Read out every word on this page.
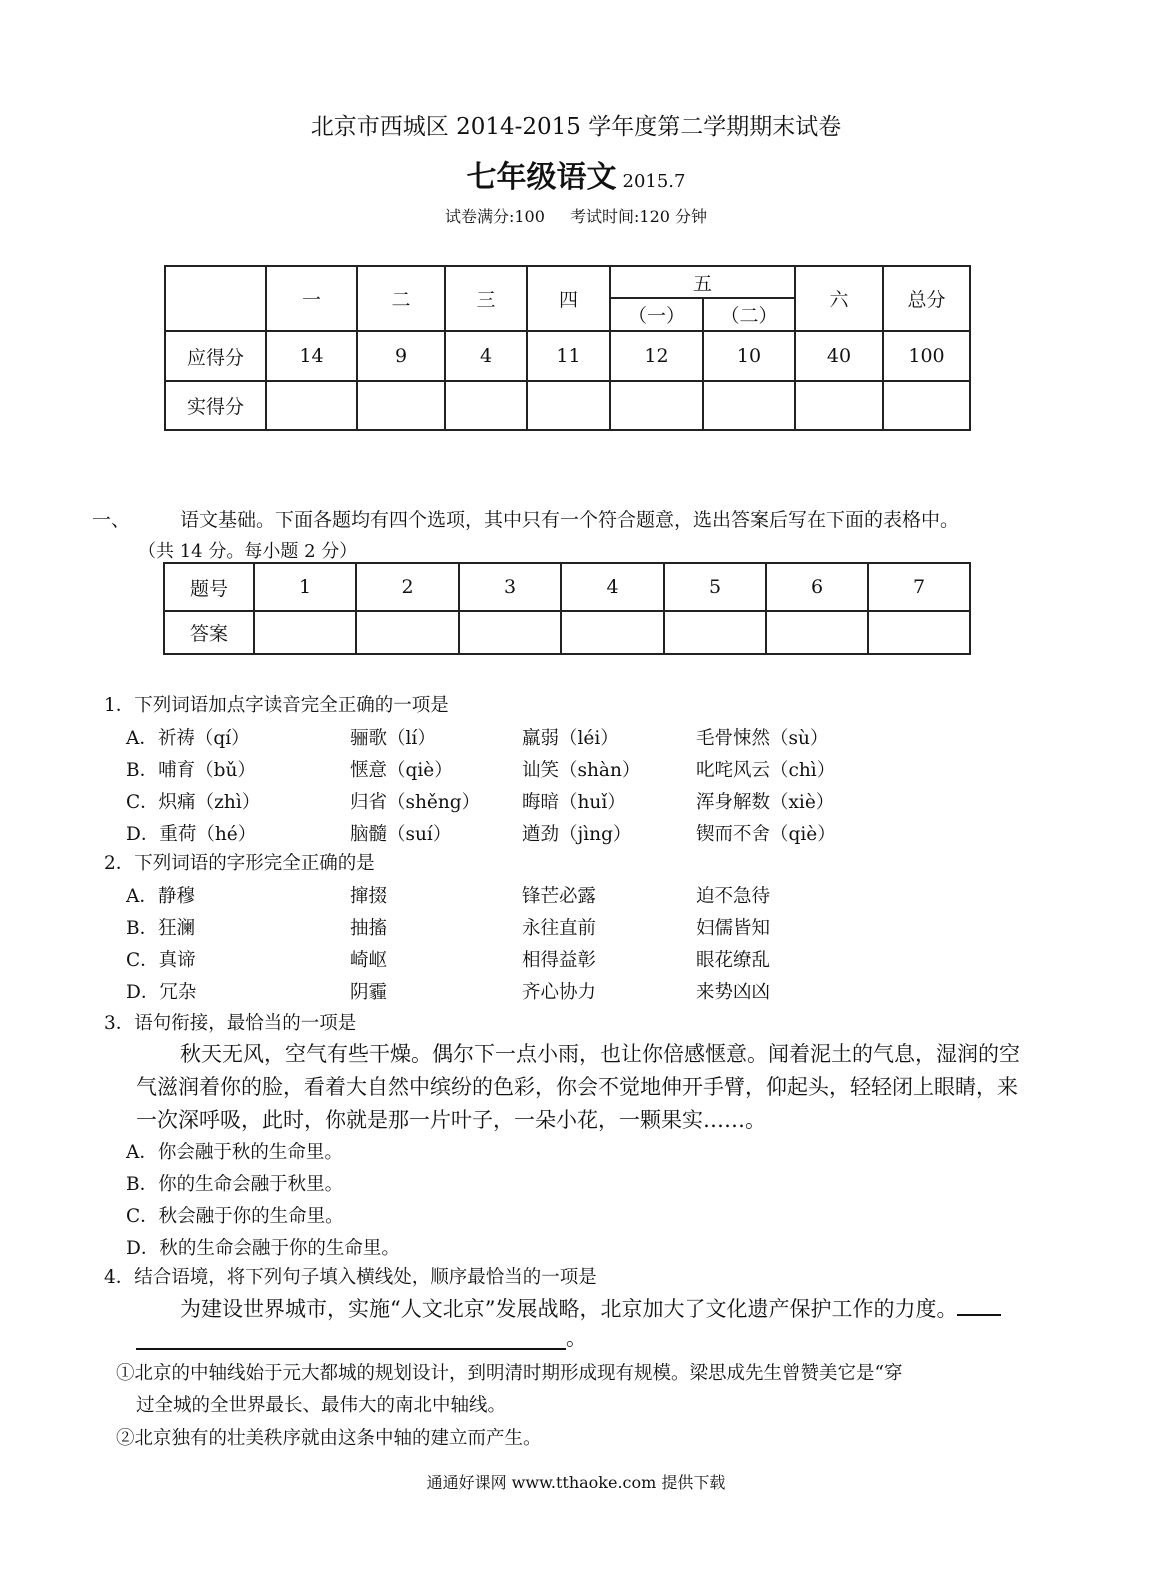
北京市西城区 2014-2015 学年度第二学期期末试卷
七年级语文 2015.7
试卷满分:100 考试时间:120 分钟
	一	二	三	四	五		六	总分
					（一）	（二）		
应得分	14	9	4	11	12	10	40	100
实得分								
一、	语文基础。下面各题均有四个选项，其中只有一个符合题意，选出答案后写在下面的表格中。
（共 14 分。每小题 2 分）
题号	1	2	3	4	5	6	7
答案							
1．下列词语加点字读音完全正确的一项是
A．祈祷（qí）	骊歌（lí）	羸弱（léi）	毛骨悚然（sù）
B．哺育（bǔ）	惬意（qiè）	讪笑（shàn）	叱咤风云（chì）
C．炽痛（zhì）	归省（shěng） 晦暗（huǐ）	浑身解数（xiè）
D．重荷（hé）	脑髓（suí）	遒劲（jìng）	锲而不舍（qiè）
2．下列词语的字形完全正确的是
A．静穆	撺掇	锋芒必露	迫不急待
B．狂澜	抽搐	永往直前	妇儒皆知
C．真谛	崎岖	相得益彰	眼花缭乱
D．冗杂	阴霾	齐心协力	来势凶凶
3．语句衔接，最恰当的一项是
秋天无风，空气有些干燥。偶尔下一点小雨，也让你倍感惬意。闻着泥土的气息，湿润的空
气滋润着你的脸，看着大自然中缤纷的色彩，你会不觉地伸开手臂，仰起头，轻轻闭上眼睛，来
一次深呼吸，此时，你就是那一片叶子，一朵小花，一颗果实……。
A．你会融于秋的生命里。
B．你的生命会融于秋里。
C．秋会融于你的生命里。
D．秋的生命会融于你的生命里。
4．结合语境，将下列句子填入横线处，顺序最恰当的一项是
为建设世界城市，实施“人文北京”发展战略，北京加大了文化遗产保护工作的力度。
。
①北京的中轴线始于元大都城的规划设计，到明清时期形成现有规模。梁思成先生曾赞美它是“穿
过全城的全世界最长、最伟大的南北中轴线。
②北京独有的壮美秩序就由这条中轴的建立而产生。
通通好课网 www.tthaoke.com 提供下载
